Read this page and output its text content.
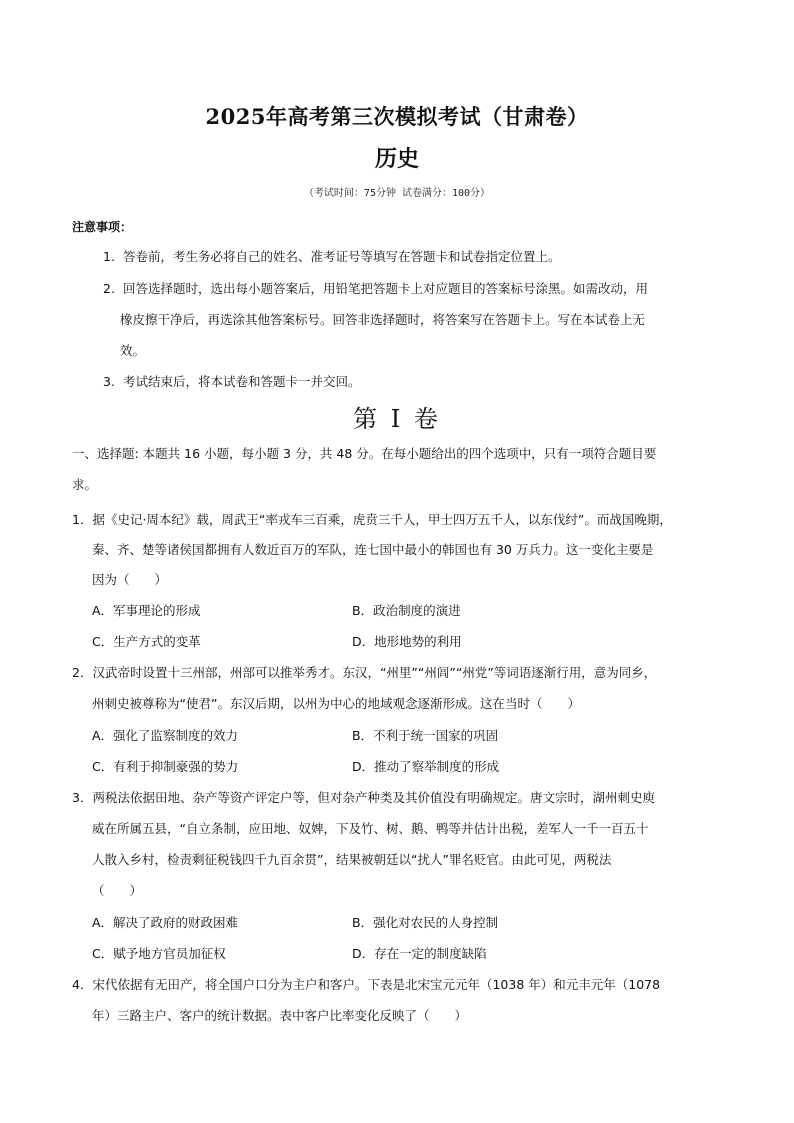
2025年高考第三次模拟考试（甘肃卷）
历史
（考试时间：75分钟 试卷满分：100分）
注意事项：
1. 答卷前，考生务必将自己的姓名、准考证号等填写在答题卡和试卷指定位置上。
2. 回答选择题时，选出每小题答案后，用铅笔把答题卡上对应题目的答案标号涂黑。如需改动，用
橡皮擦干净后，再选涂其他答案标号。回答非选择题时，将答案写在答题卡上。写在本试卷上无
效。
3. 考试结束后，将本试卷和答题卡一并交回。
第 I 卷
一、选择题: 本题共 16 小题，每小题 3 分，共 48 分。在每小题给出的四个选项中，只有一项符合题目要
求。
1．据《史记·周本纪》载，周武王“率戎车三百乘，虎贲三千人，甲士四万五千人，以东伐纣”。而战国晚期，
秦、齐、楚等诸侯国都拥有人数近百万的军队，连七国中最小的韩国也有 30 万兵力。这一变化主要是
因为（　　）
A．军事理论的形成	B．政治制度的演进
C．生产方式的变革	D．地形地势的利用
2．汉武帝时设置十三州部，州部可以推举秀才。东汉，“州里”“州闾”“州党”等词语逐渐行用，意为同乡，
州刺史被尊称为“使君”。东汉后期，以州为中心的地域观念逐渐形成。这在当时（　　）
A．强化了监察制度的效力	B．不利于统一国家的巩固
C．有利于抑制豪强的势力	D．推动了察举制度的形成
3．两税法依据田地、杂产等资产评定户等，但对杂产种类及其价值没有明确规定。唐文宗时，湖州刺史庾
威在所属五县，“自立条制，应田地、奴婢，下及竹、树、鹅、鸭等并估计出税，差军人一千一百五十
人散入乡村，检责剩征税钱四千九百余贯”，结果被朝廷以“扰人”罪名贬官。由此可见，两税法
（　　）
A．解决了政府的财政困难	B．强化对农民的人身控制
C．赋予地方官员加征权	D．存在一定的制度缺陷
4．宋代依据有无田产，将全国户口分为主户和客户。下表是北宋宝元元年（1038 年）和元丰元年（1078
年）三路主户、客户的统计数据。表中客户比率变化反映了（　　）
